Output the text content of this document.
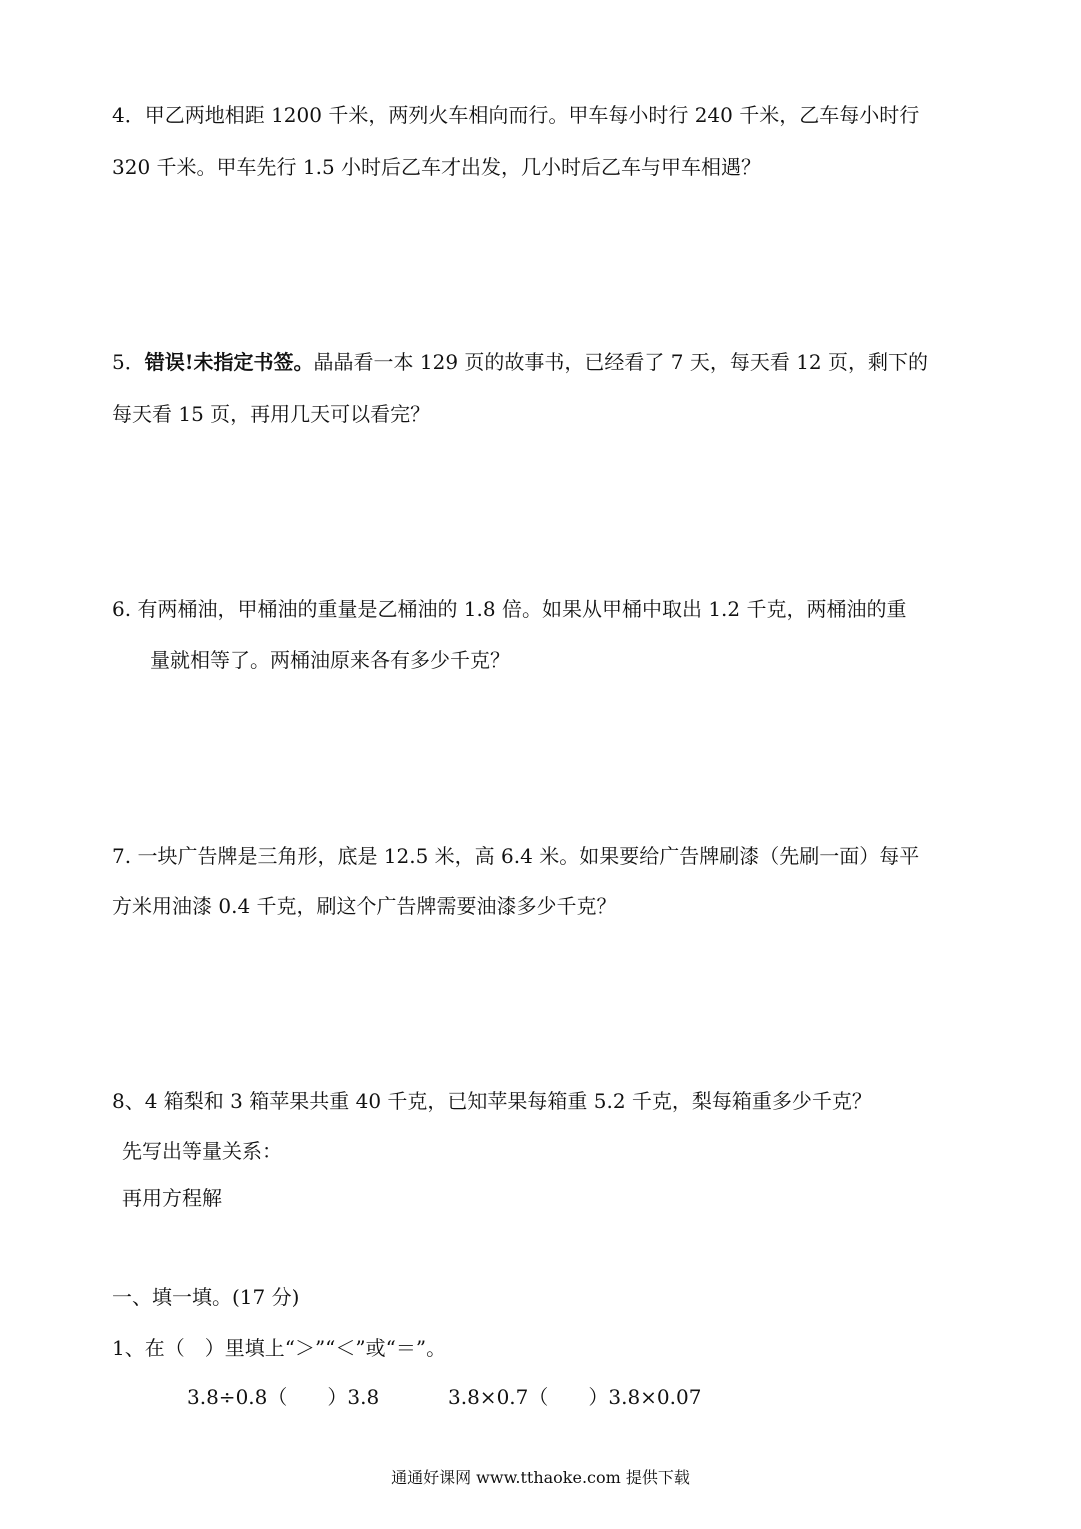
4．甲乙两地相距 1200 千米，两列火车相向而行。甲车每小时行 240 千米，乙车每小时行
320 千米。甲车先行 1.5 小时后乙车才出发，几小时后乙车与甲车相遇？
5．错误!未指定书签。晶晶看一本 129 页的故事书，已经看了 7 天，每天看 12 页，剩下的
每天看 15 页，再用几天可以看完？
6. 有两桶油，甲桶油的重量是乙桶油的 1.8 倍。如果从甲桶中取出 1.2 千克，两桶油的重
量就相等了。两桶油原来各有多少千克？
7. 一块广告牌是三角形，底是 12.5 米，高 6.4 米。如果要给广告牌刷漆（先刷一面）每平
方米用油漆 0.4 千克，刷这个广告牌需要油漆多少千克？
8、4 箱梨和 3 箱苹果共重 40 千克，已知苹果每箱重 5.2 千克，梨每箱重多少千克？
先写出等量关系：
再用方程解
一、填一填。(17 分)
1、在（　）里填上“＞”“＜”或“＝”。
3.8÷0.8（　　）3.8	3.8×0.7（　　）3.8×0.07
通通好课网 www.tthaoke.com 提供下载
